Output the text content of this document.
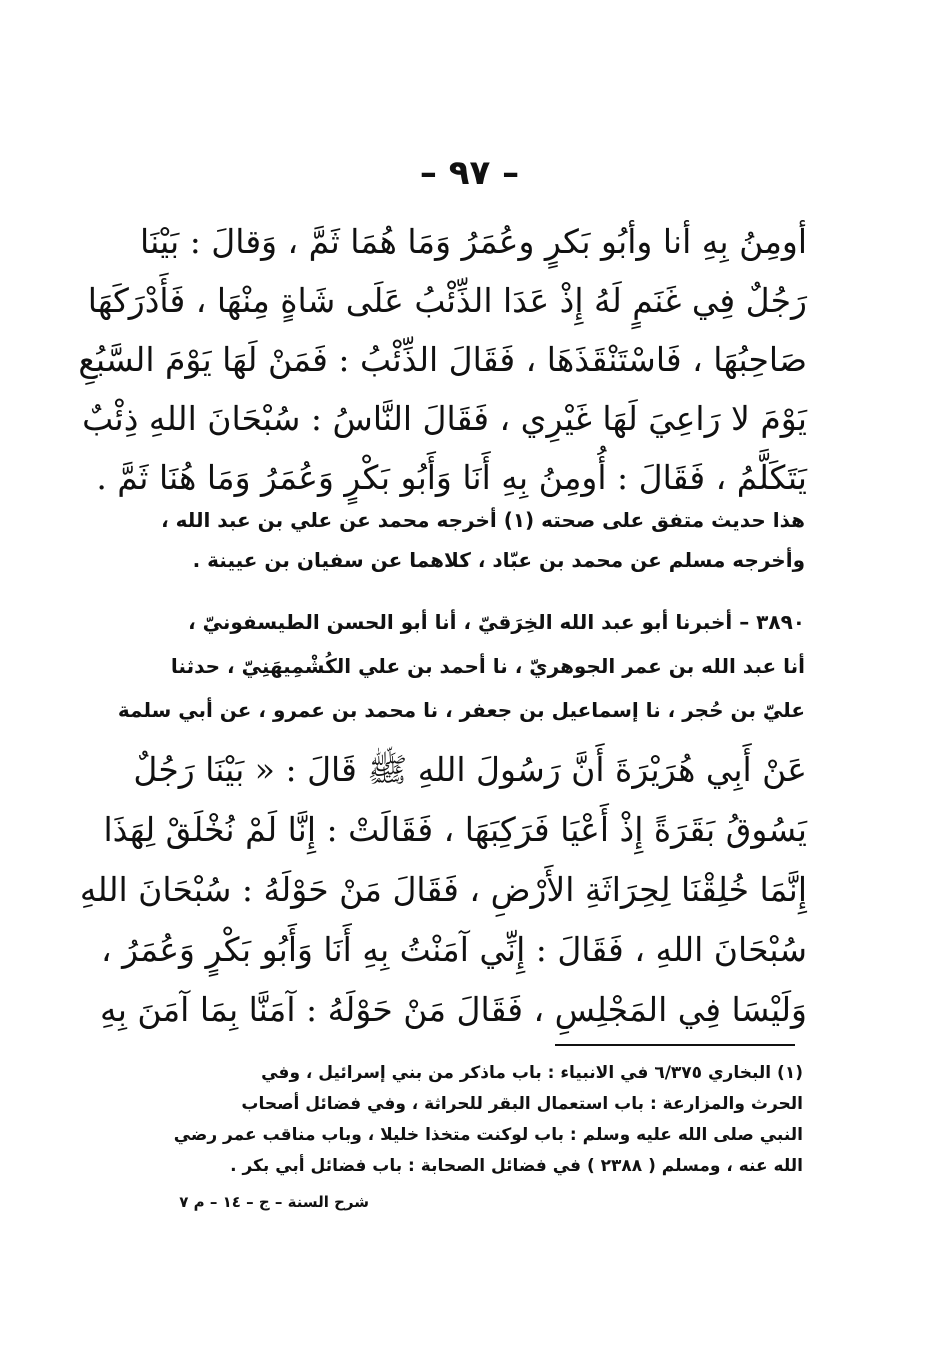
– ٩٧ –
أومِنُ بِهِ أنا وأبُو بَكرٍ وعُمَرُ وَمَا هُمَا ثَمَّ ، وَقالَ : بَيْنَا
رَجُلٌ فِي غَنَمٍ لَهُ إِذْ عَدَا الذِّئْبُ عَلَى شَاةٍ مِنْهَا ، فَأَدْرَكَهَا
صَاحِبُهَا ، فَاسْتَنْقَذَهَا ، فَقَالَ الذِّئْبُ : فَمَنْ لَهَا يَوْمَ السَّبُعِ
يَوْمَ لا رَاعِيَ لَهَا غَيْرِي ، فَقَالَ النَّاسُ : سُبْحَانَ اللهِ ذِئْبٌ
يَتَكَلَّمُ ، فَقَالَ : أُومِنُ بِهِ أَنَا وَأَبُو بَكْرٍ وَعُمَرُ وَمَا هُنَا ثَمَّ .
هذا حديث متفق على صحته (١) أخرجه محمد عن علي بن عبد الله ،
وأخرجه مسلم عن محمد بن عبّاد ، كلاهما عن سفيان بن عيينة .
٣٨٩٠ – أخبرنا أبو عبد الله الخِرَقيّ ، أنا أبو الحسن الطيسفونيّ ،
أنا عبد الله بن عمر الجوهريّ ، نا أحمد بن علي الكُشْمِيهَنِيّ ، حدثنا
عليّ بن حُجر ، نا إسماعيل بن جعفر ، نا محمد بن عمرو ، عن أبي سلمة
عَنْ أَبِي هُرَيْرَةَ أَنَّ رَسُولَ اللهِ ﷺ قَالَ : « بَيْنَا رَجُلٌ
يَسُوقُ بَقَرَةً إِذْ أَعْيَا فَرَكِبَهَا ، فَقَالَتْ : إِنَّا لَمْ نُخْلَقْ لِهَذَا
إِنَّمَا خُلِقْنَا لِحِرَاثَةِ الأَرْضِ ، فَقَالَ مَنْ حَوْلَهُ : سُبْحَانَ اللهِ
سُبْحَانَ اللهِ ، فَقَالَ : إِنِّي آمَنْتُ بِهِ أَنَا وَأَبُو بَكْرٍ وَعُمَرُ ،
وَلَيْسَا فِي المَجْلِسِ ، فَقَالَ مَنْ حَوْلَهُ : آمَنَّا بِمَا آمَنَ بِهِ
(١) البخاري ٦/٣٧٥ في الانبياء : باب ماذكر من بني إسرائيل ، وفي
الحرث والمزارعة : باب استعمال البقر للحراثة ، وفي فضائل أصحاب
النبي صلى الله عليه وسلم : باب لوكنت متخذا خليلا ، وباب مناقب عمر رضي
الله عنه ، ومسلم ( ٢٣٨٨ ) في فضائل الصحابة : باب فضائل أبي بكر .
شرح السنة – ج – ١٤ – م ٧
